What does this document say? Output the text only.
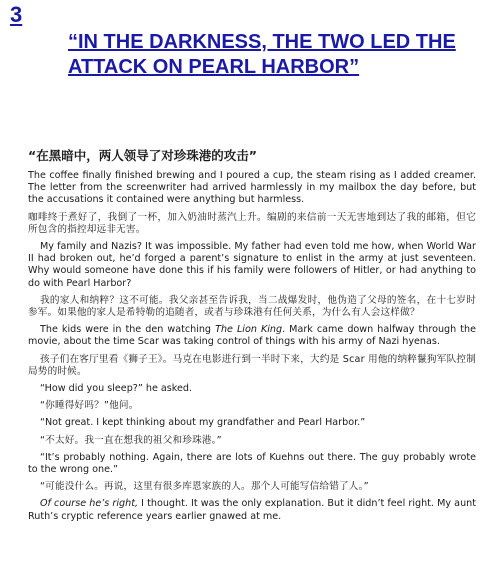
3
“IN THE DARKNESS, THE TWO LED THE ATTACK ON PEARL HARBOR”
“在黑暗中，两人领导了对珍珠港的攻击”

The coffee finally finished brewing and I poured a cup, the steam rising as I added creamer. The letter from the screenwriter had arrived harmlessly in my mailbox the day before, but the accusations it contained were anything but harmless.

咖啡终于煮好了，我倒了一杯，加入奶油时蒸汽上升。编剧的来信前一天无害地到达了我的邮箱，但它所包含的指控却远非无害。

My family and Nazis? It was impossible. My father had even told me how, when World War II had broken out, he’d forged a parent’s signature to enlist in the army at just seventeen. Why would someone have done this if his family were followers of Hitler, or had anything to do with Pearl Harbor?

我的家人和纳粹？这不可能。我父亲甚至告诉我，当二战爆发时，他伪造了父母的签名，在十七岁时参军。如果他的家人是希特勒的追随者，或者与珍珠港有任何关系，为什么有人会这样做？

The kids were in the den watching The Lion King. Mark came down halfway through the movie, about the time Scar was taking control of things with his army of Nazi hyenas.

孩子们在客厅里看《狮子王》。马克在电影进行到一半时下来，大约是 Scar 用他的纳粹鬣狗军队控制局势的时候。

“How did you sleep?” he asked.

“你睡得好吗？”他问。

“Not great. I kept thinking about my grandfather and Pearl Harbor.”

“不太好。我一直在想我的祖父和珍珠港。”

“It’s probably nothing. Again, there are lots of Kuehns out there. The guy probably wrote to the wrong one.”

“可能没什么。再说，这里有很多库恩家族的人。那个人可能写信给错了人。”

Of course he’s right, I thought. It was the only explanation. But it didn’t feel right. My aunt Ruth’s cryptic reference years earlier gnawed at me.
